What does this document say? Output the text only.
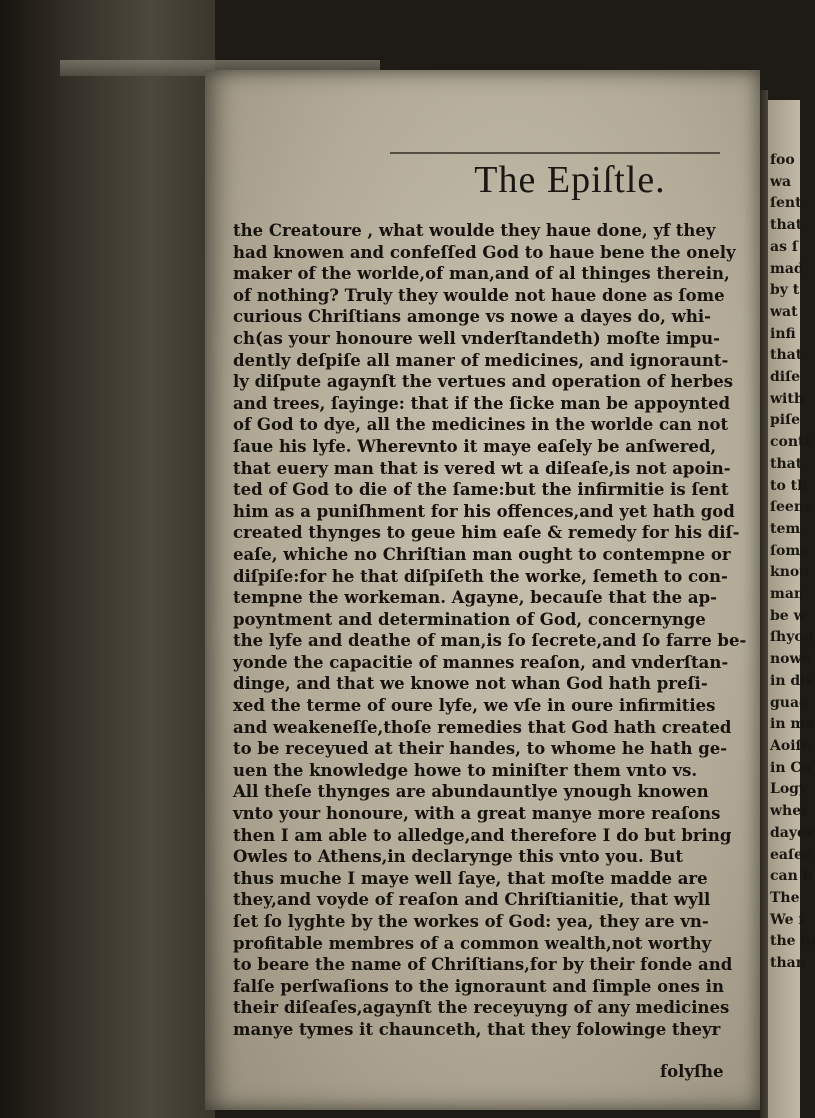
The Epiſtle.
the Creatoure , what woulde they haue done, yf they
had knowen and confeſſed God to haue bene the onely
maker of the worlde,of man,and of al thinges therein,
of nothing? Truly they woulde not haue done as ſome
curious Chriſtians amonge vs nowe a dayes do, whi-
ch(as your honoure well vnderſtandeth) moſte impu-
dently deſpiſe all maner of medicines, and ignoraunt-
ly diſpute agaynſt the vertues and operation of herbes
and trees, ſayinge: that if the ſicke man be appoynted
of God to dye, all the medicines in the worlde can not
ſaue his lyfe. Wherevnto it maye eaſely be anſwered,
that euery man that is vered wt a diſeaſe,is not apoin-
ted of God to die of the ſame:but the infirmitie is ſent
him as a puniſhment for his offences,and yet hath god
created thynges to geue him eaſe & remedy for his diſ-
eaſe, whiche no Chriſtian man ought to contempne or
diſpiſe:for he that diſpiſeth the worke, ſemeth to con-
tempne the workeman. Agayne, becauſe that the ap-
poyntment and determination of God, concernynge
the lyfe and deathe of man,is ſo ſecrete,and ſo farre be-
yonde the capacitie of mannes reaſon, and vnderſtan-
dinge, and that we knowe not whan God hath preſi-
xed the terme of oure lyfe, we vſe in oure infirmities
and weakeneſſe,thoſe remedies that God hath created
to be receyued at their handes, to whome he hath ge-
uen the knowledge howe to miniſter them vnto vs.
All theſe thynges are abundauntlye ynough knowen
vnto your honoure, with a great manye more reaſons
then I am able to alledge,and therefore I do but bring
Owles to Athens,in declarynge this vnto you. But
thus muche I maye well ſaye, that moſte madde are
they,and voyde of reaſon and Chriſtianitie, that wyll
ſet ſo lyghte by the workes of God: yea, they are vn-
profitable membres of a common wealth,not worthy
to beare the name of Chriſtians,for by their fonde and
falſe perſwaſions to the ignoraunt and ſimple ones in
their diſeaſes,agaynſt the receyuyng of any medicines
manye tymes it chaunceth, that they folowinge theyr
folyſhe
foo
wa
ſent
that
as ſ
mad
by t
wat
infi
that
diſe
with
piſe
conte
that
to th
ſeene
tem.
ſome
knou
man
be w
ſhyou
nowe
in dis
guag
in ma
Aoiſe
in Co
Logy
wher
dayes
eaſes
can h
The
We ſ
the lo
than
